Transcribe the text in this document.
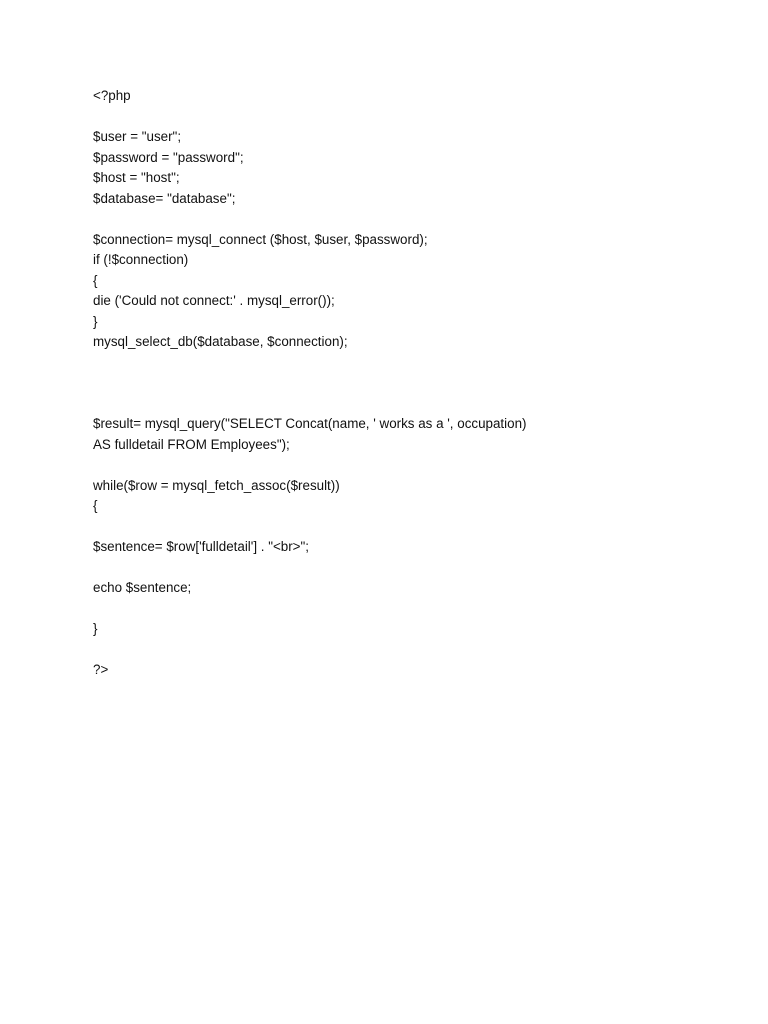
<?php
$user = "user";
$password = "password";
$host = "host";
$database= "database";
$connection= mysql_connect ($host, $user, $password);
if (!$connection)
{
die ('Could not connect:' . mysql_error());
}
mysql_select_db($database, $connection);
$result= mysql_query("SELECT Concat(name, ' works as a ', occupation)
AS fulldetail FROM Employees");
while($row = mysql_fetch_assoc($result))
{
$sentence= $row['fulldetail'] . "<br>";
echo $sentence;
}
?>
